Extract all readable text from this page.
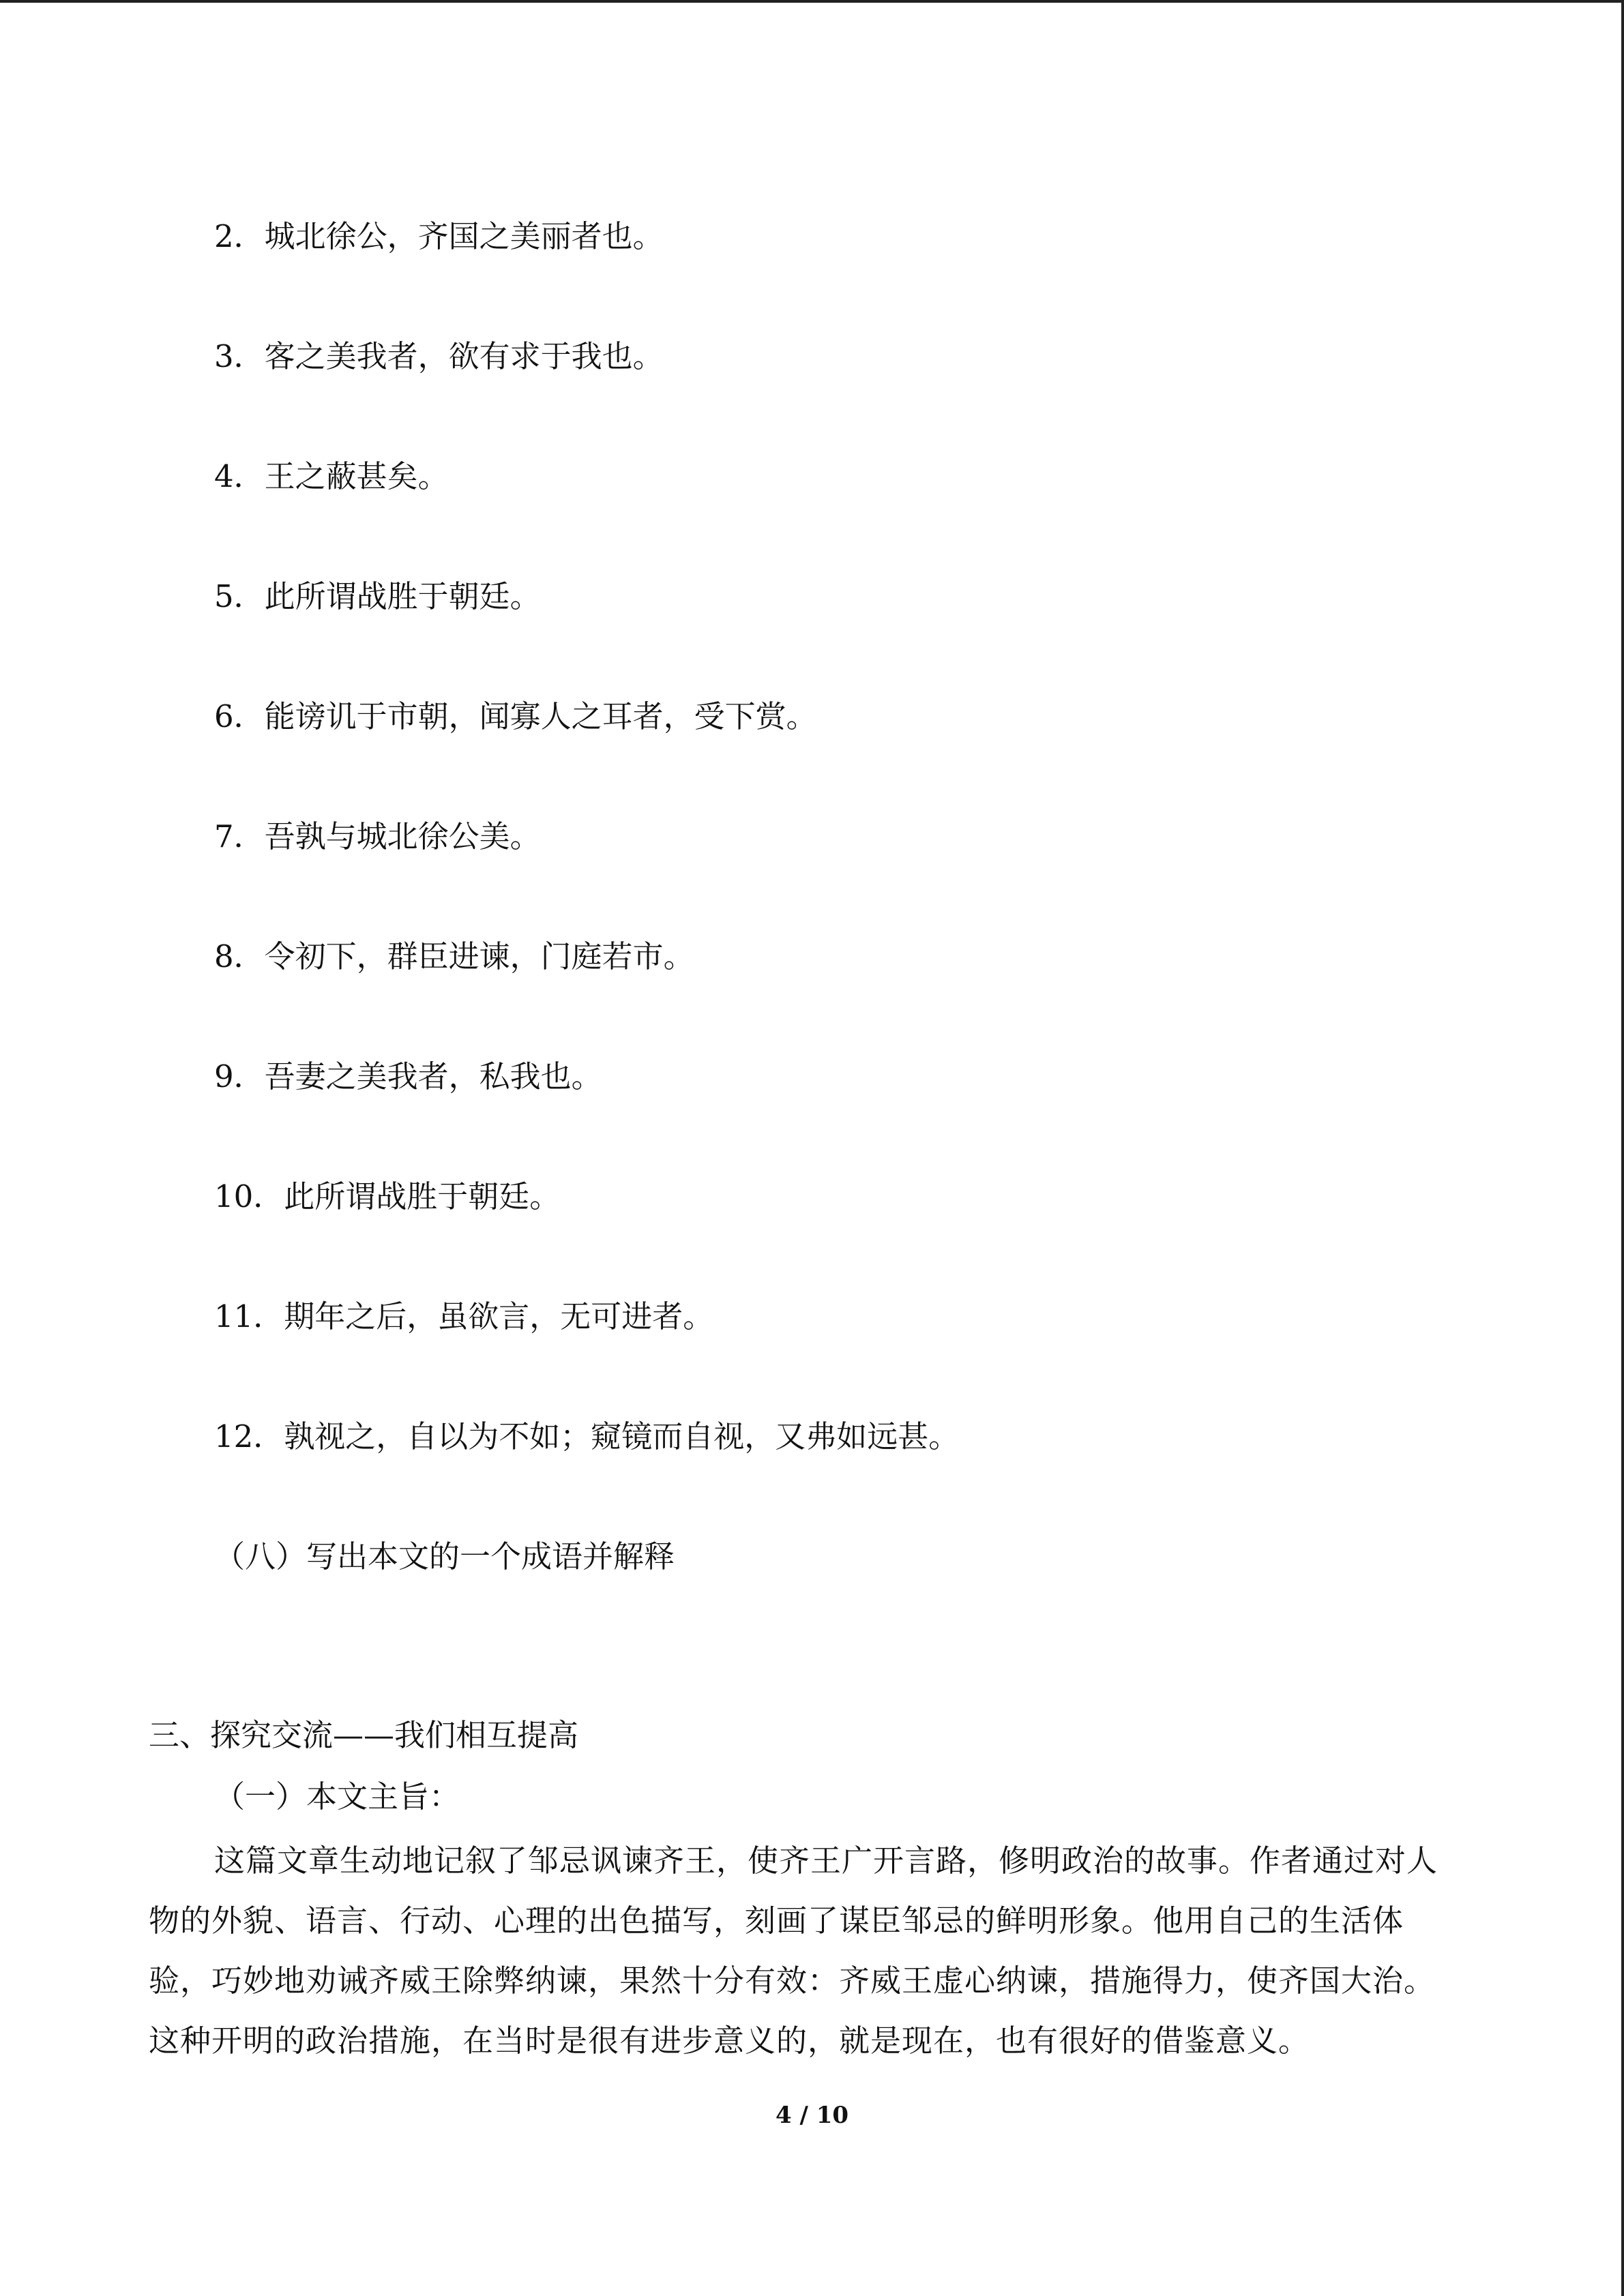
2．城北徐公，齐国之美丽者也。
3．客之美我者，欲有求于我也。
4．王之蔽甚矣。
5．此所谓战胜于朝廷。
6．能谤讥于市朝，闻寡人之耳者，受下赏。
7．吾孰与城北徐公美。
8．令初下，群臣进谏，门庭若市。
9．吾妻之美我者，私我也。
10．此所谓战胜于朝廷。
11．期年之后，虽欲言，无可进者。
12．孰视之，自以为不如；窥镜而自视，又弗如远甚。
（八）写出本文的一个成语并解释
三、探究交流——我们相互提高
（一）本文主旨：

这篇文章生动地记叙了邹忌讽谏齐王，使齐王广开言路，修明政治的故事。作者通过对人物的外貌、语言、行动、心理的出色描写，刻画了谋臣邹忌的鲜明形象。他用自己的生活体验，巧妙地劝诫齐威王除弊纳谏，果然十分有效：齐威王虚心纳谏，措施得力，使齐国大治。这种开明的政治措施，在当时是很有进步意义的，就是现在，也有很好的借鉴意义。

4 / 10
